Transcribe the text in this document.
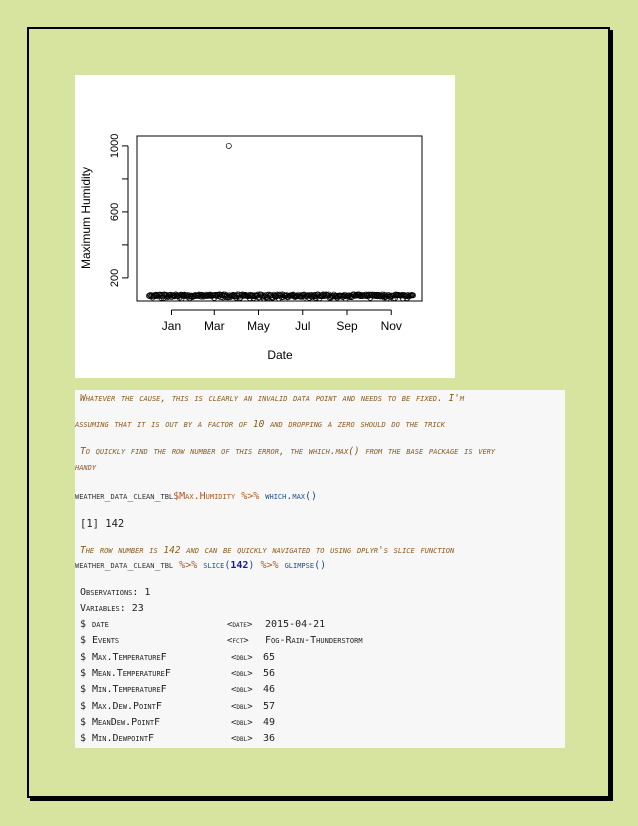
200
600
1000
Jan Mar May Jul Sep Nov
Maximum Humidity
Date
Whatever the cause, this is clearly an invalid data point and needs to be fixed. I'm
assuming that it is out by a factor of 10 and dropping a zero should do the trick
To quickly find the row number of this error, the which.max() from the base package is very
handy
weather_data_clean_tbl$Max.Humidity %>% which.max()
[1] 142
The row number is 142 and can be quickly navigated to using dplyr's slice function
weather_data_clean_tbl %>% slice(142) %>% glimpse()
Observations: 1
Variables: 23
$ date	<date> 2015-04-21
$ Events	<fct> Fog-Rain-Thunderstorm
$ Max.TemperatureF	<dbl> 65
$ Mean.TemperatureF	<dbl> 56
$ Min.TemperatureF	<dbl> 46
$ Max.Dew.PointF	<dbl> 57
$ MeanDew.PointF	<dbl> 49
$ Min.DewpointF	<dbl> 36
